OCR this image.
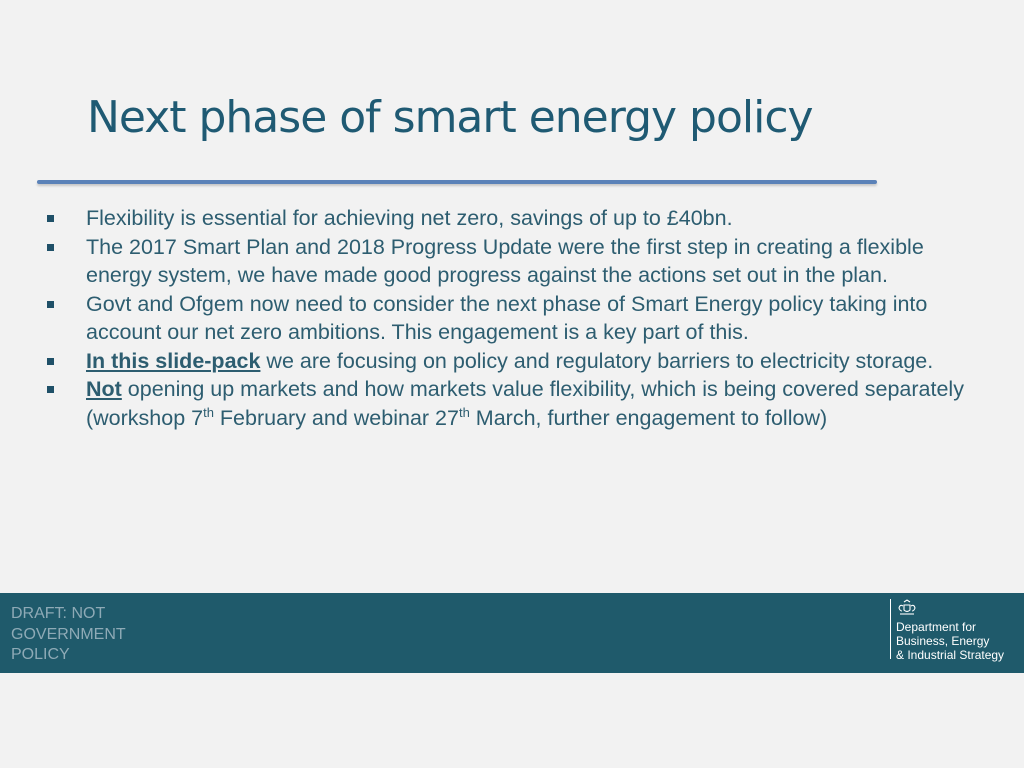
Next phase of smart energy policy
Flexibility is essential for achieving net zero, savings of up to £40bn.
The 2017 Smart Plan and 2018 Progress Update were the first step in creating a flexible energy system, we have made good progress against the actions set out in the plan.
Govt and Ofgem now need to consider the next phase of Smart Energy policy taking into account our net zero ambitions. This engagement is a key part of this.
In this slide-pack we are focusing on policy and regulatory barriers to electricity storage.
Not opening up markets and how markets value flexibility, which is being covered separately (workshop 7th February and webinar 27th March, further engagement to follow)
DRAFT: NOT GOVERNMENT POLICY
Department for
Business, Energy
& Industrial Strategy
